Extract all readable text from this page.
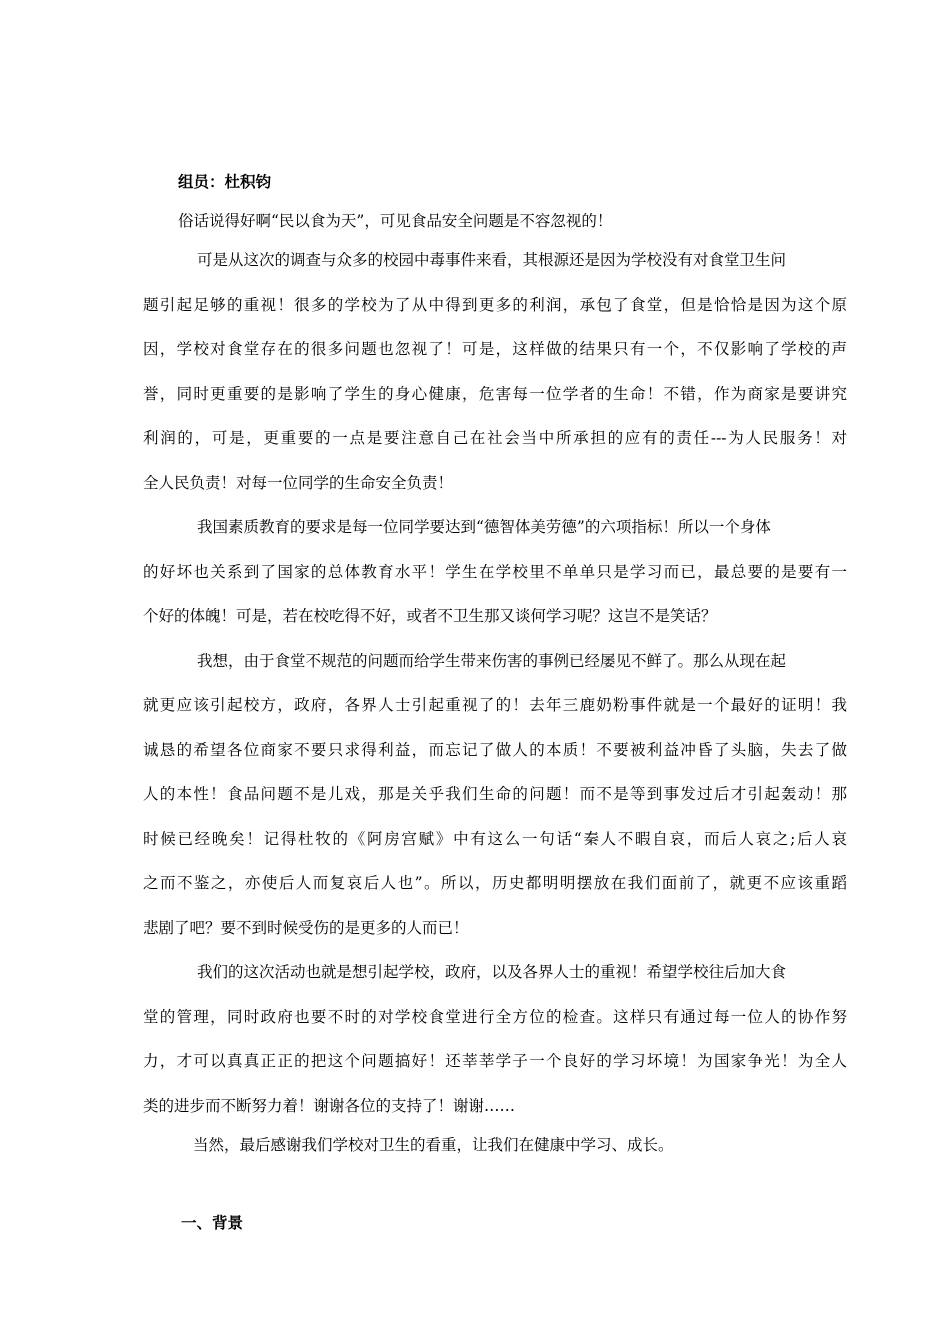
组员：杜积钧

俗话说得好啊“民以食为天”，可见食品安全问题是不容忽视的！

可是从这次的调查与众多的校园中毒事件来看，其根源还是因为学校没有对食堂卫生问

题引起足够的重视！很多的学校为了从中得到更多的利润，承包了食堂，但是恰恰是因为这个原

因，学校对食堂存在的很多问题也忽视了！可是，这样做的结果只有一个，不仅影响了学校的声

誉，同时更重要的是影响了学生的身心健康，危害每一位学者的生命！不错，作为商家是要讲究

利润的，可是，更重要的一点是要注意自己在社会当中所承担的应有的责任---为人民服务！对

全人民负责！对每一位同学的生命安全负责！

我国素质教育的要求是每一位同学要达到“德智体美劳德”的六项指标！所以一个身体

的好坏也关系到了国家的总体教育水平！学生在学校里不单单只是学习而已，最总要的是要有一

个好的体魄！可是，若在校吃得不好，或者不卫生那又谈何学习呢？这岂不是笑话？

我想，由于食堂不规范的问题而给学生带来伤害的事例已经屡见不鲜了。那么从现在起

就更应该引起校方，政府，各界人士引起重视了的！去年三鹿奶粉事件就是一个最好的证明！我

诚恳的希望各位商家不要只求得利益，而忘记了做人的本质！不要被利益冲昏了头脑，失去了做

人的本性！食品问题不是儿戏，那是关乎我们生命的问题！而不是等到事发过后才引起轰动！那

时候已经晚矣！记得杜牧的《阿房宫赋》中有这么一句话“秦人不暇自哀，而后人哀之;后人哀

之而不鉴之，亦使后人而复哀后人也”。所以，历史都明明摆放在我们面前了，就更不应该重蹈

悲剧了吧？要不到时候受伤的是更多的人而已！

我们的这次活动也就是想引起学校，政府，以及各界人士的重视！希望学校往后加大食

堂的管理，同时政府也要不时的对学校食堂进行全方位的检查。这样只有通过每一位人的协作努

力，才可以真真正正的把这个问题搞好！还莘莘学子一个良好的学习坏境！为国家争光！为全人

类的进步而不断努力着！谢谢各位的支持了！谢谢……

当然，最后感谢我们学校对卫生的看重，让我们在健康中学习、成长。

一、背景
